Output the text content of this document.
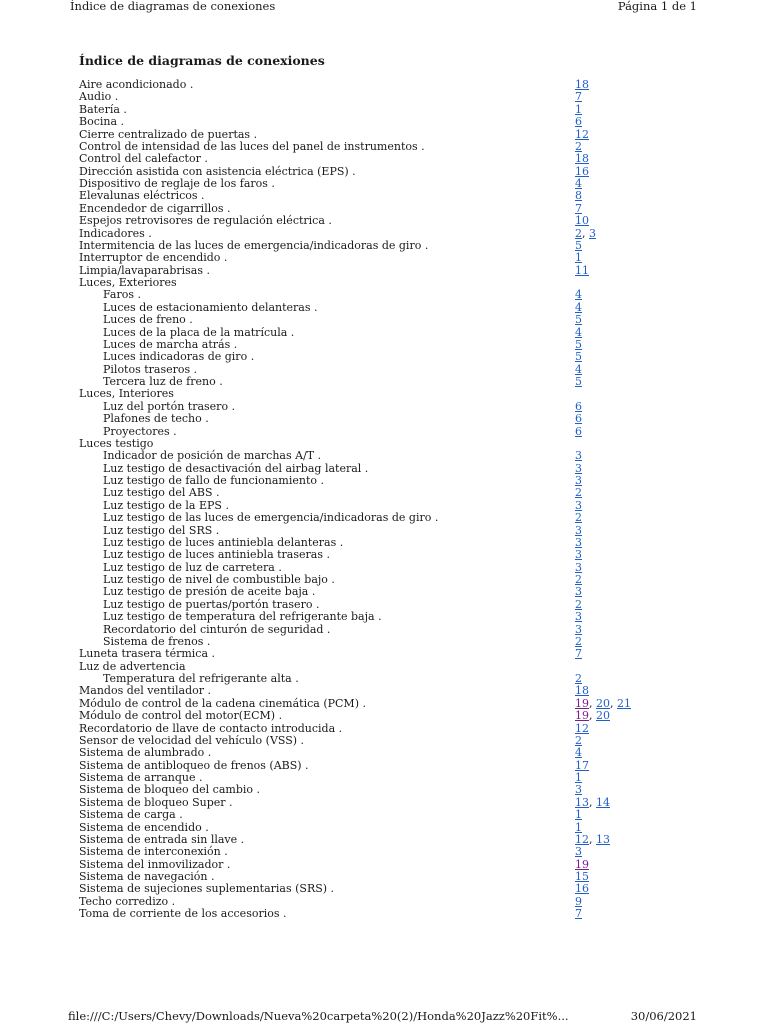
Índice de diagramas de conexiones	Página 1 de 1
Índice de diagramas de conexiones
Aire acondicionado .	18
Audio .	7
Batería .	1
Bocina .	6
Cierre centralizado de puertas .	12
Control de intensidad de las luces del panel de instrumentos .	2
Control del calefactor .	18
Dirección asistida con asistencia eléctrica (EPS) .	16
Dispositivo de reglaje de los faros .	4
Elevalunas eléctricos .	8
Encendedor de cigarrillos .	7
Espejos retrovisores de regulación eléctrica .	10
Indicadores .	2, 3
Intermitencia de las luces de emergencia/indicadoras de giro .	5
Interruptor de encendido .	1
Limpia/lavaparabrisas .	11
Luces, Exteriores
Faros .	4
Luces de estacionamiento delanteras .	4
Luces de freno .	5
Luces de la placa de la matrícula .	4
Luces de marcha atrás .	5
Luces indicadoras de giro .	5
Pilotos traseros .	4
Tercera luz de freno .	5
Luces, Interiores
Luz del portón trasero .	6
Plafones de techo .	6
Proyectores .	6
Luces testigo
Indicador de posición de marchas A/T .	3
Luz testigo de desactivación del airbag lateral .	3
Luz testigo de fallo de funcionamiento .	3
Luz testigo del ABS .	2
Luz testigo de la EPS .	3
Luz testigo de las luces de emergencia/indicadoras de giro .	2
Luz testigo del SRS .	3
Luz testigo de luces antiniebla delanteras .	3
Luz testigo de luces antiniebla traseras .	3
Luz testigo de luz de carretera .	3
Luz testigo de nivel de combustible bajo .	2
Luz testigo de presión de aceite baja .	3
Luz testigo de puertas/portón trasero .	2
Luz testigo de temperatura del refrigerante baja .	3
Recordatorio del cinturón de seguridad .	3
Sistema de frenos .	2
Luneta trasera térmica .	7
Luz de advertencia
Temperatura del refrigerante alta .	2
Mandos del ventilador .	18
Módulo de control de la cadena cinemática (PCM) .	19, 20, 21
Módulo de control del motor(ECM) .	19, 20
Recordatorio de llave de contacto introducida .	12
Sensor de velocidad del vehículo (VSS) .	2
Sistema de alumbrado .	4
Sistema de antibloqueo de frenos (ABS) .	17
Sistema de arranque .	1
Sistema de bloqueo del cambio .	3
Sistema de bloqueo Super .	13, 14
Sistema de carga .	1
Sistema de encendido .	1
Sistema de entrada sin llave .	12, 13
Sistema de interconexión .	3
Sistema del inmovilizador .	19
Sistema de navegación .	15
Sistema de sujeciones suplementarias (SRS) .	16
Techo corredizo .	9
Toma de corriente de los accesorios .	7
file:///C:/Users/Chevy/Downloads/Nueva%20carpeta%20(2)/Honda%20Jazz%20Fit%...	30/06/2021
